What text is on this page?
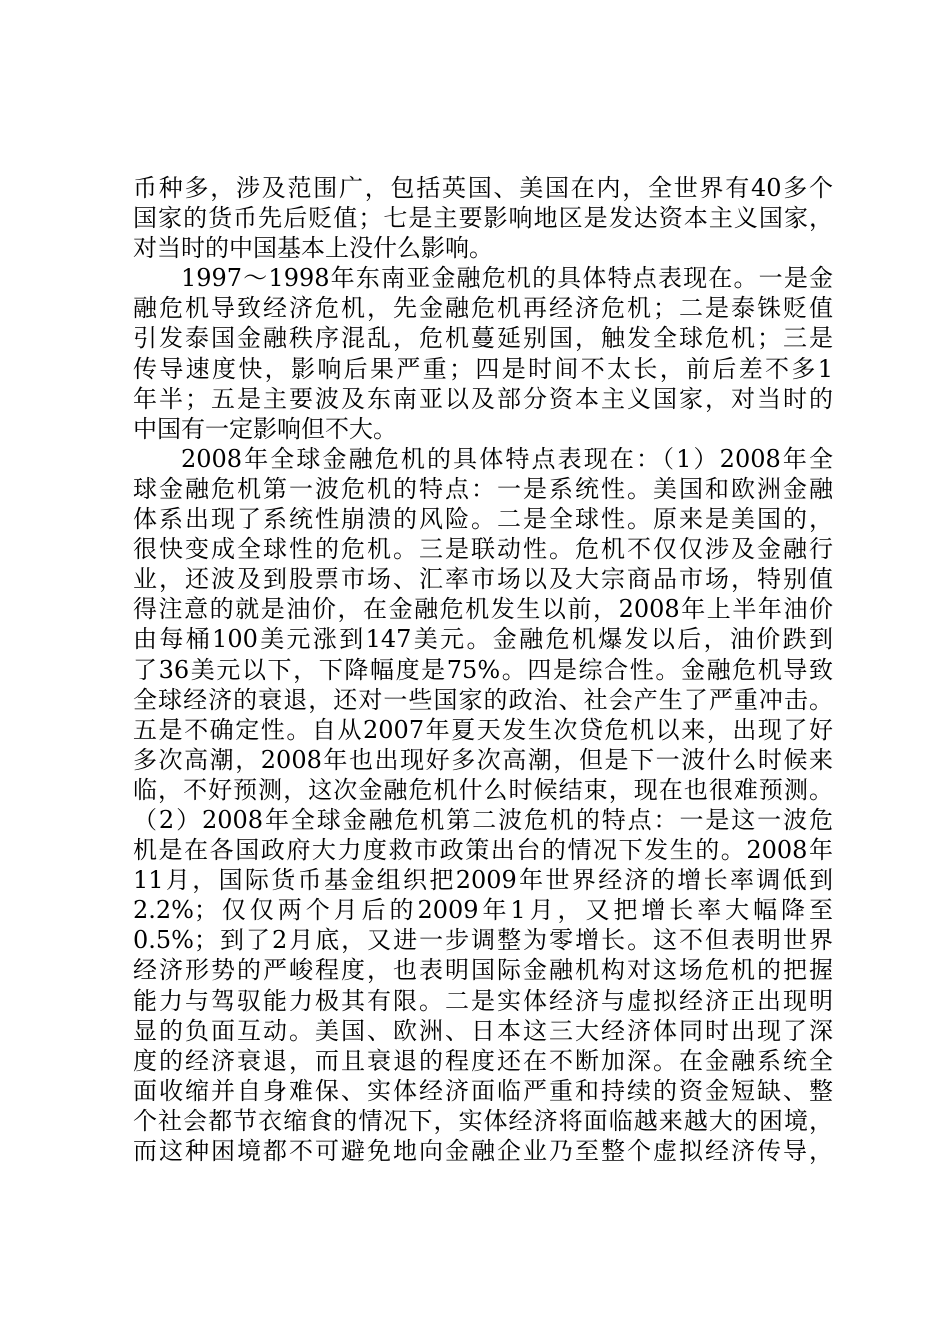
币种多，涉及范围广，包括英国、美国在内，全世界有40多个
国家的货币先后贬值；七是主要影响地区是发达资本主义国家，
对当时的中国基本上没什么影响。
1997～1998年东南亚金融危机的具体特点表现在。一是金
融危机导致经济危机，先金融危机再经济危机；二是泰铢贬值
引发泰国金融秩序混乱，危机蔓延别国，触发全球危机；三是
传导速度快，影响后果严重；四是时间不太长，前后差不多1
年半；五是主要波及东南亚以及部分资本主义国家，对当时的
中国有一定影响但不大。
2008年全球金融危机的具体特点表现在：（1）2008年全
球金融危机第一波危机的特点：一是系统性。美国和欧洲金融
体系出现了系统性崩溃的风险。二是全球性。原来是美国的，
很快变成全球性的危机。三是联动性。危机不仅仅涉及金融行
业，还波及到股票市场、汇率市场以及大宗商品市场，特别值
得注意的就是油价，在金融危机发生以前，2008年上半年油价
由每桶100美元涨到147美元。金融危机爆发以后，油价跌到
了36美元以下，下降幅度是75%。四是综合性。金融危机导致
全球经济的衰退，还对一些国家的政治、社会产生了严重冲击。
五是不确定性。自从2007年夏天发生次贷危机以来，出现了好
多次高潮，2008年也出现好多次高潮，但是下一波什么时候来
临，不好预测，这次金融危机什么时候结束，现在也很难预测。
（2）2008年全球金融危机第二波危机的特点：一是这一波危
机是在各国政府大力度救市政策出台的情况下发生的。2008年
11月，国际货币基金组织把2009年世界经济的增长率调低到
2.2%；仅仅两个月后的2009年1月，又把增长率大幅降至
0.5%；到了2月底，又进一步调整为零增长。这不但表明世界
经济形势的严峻程度，也表明国际金融机构对这场危机的把握
能力与驾驭能力极其有限。二是实体经济与虚拟经济正出现明
显的负面互动。美国、欧洲、日本这三大经济体同时出现了深
度的经济衰退，而且衰退的程度还在不断加深。在金融系统全
面收缩并自身难保、实体经济面临严重和持续的资金短缺、整
个社会都节衣缩食的情况下，实体经济将面临越来越大的困境，
而这种困境都不可避免地向金融企业乃至整个虚拟经济传导，
